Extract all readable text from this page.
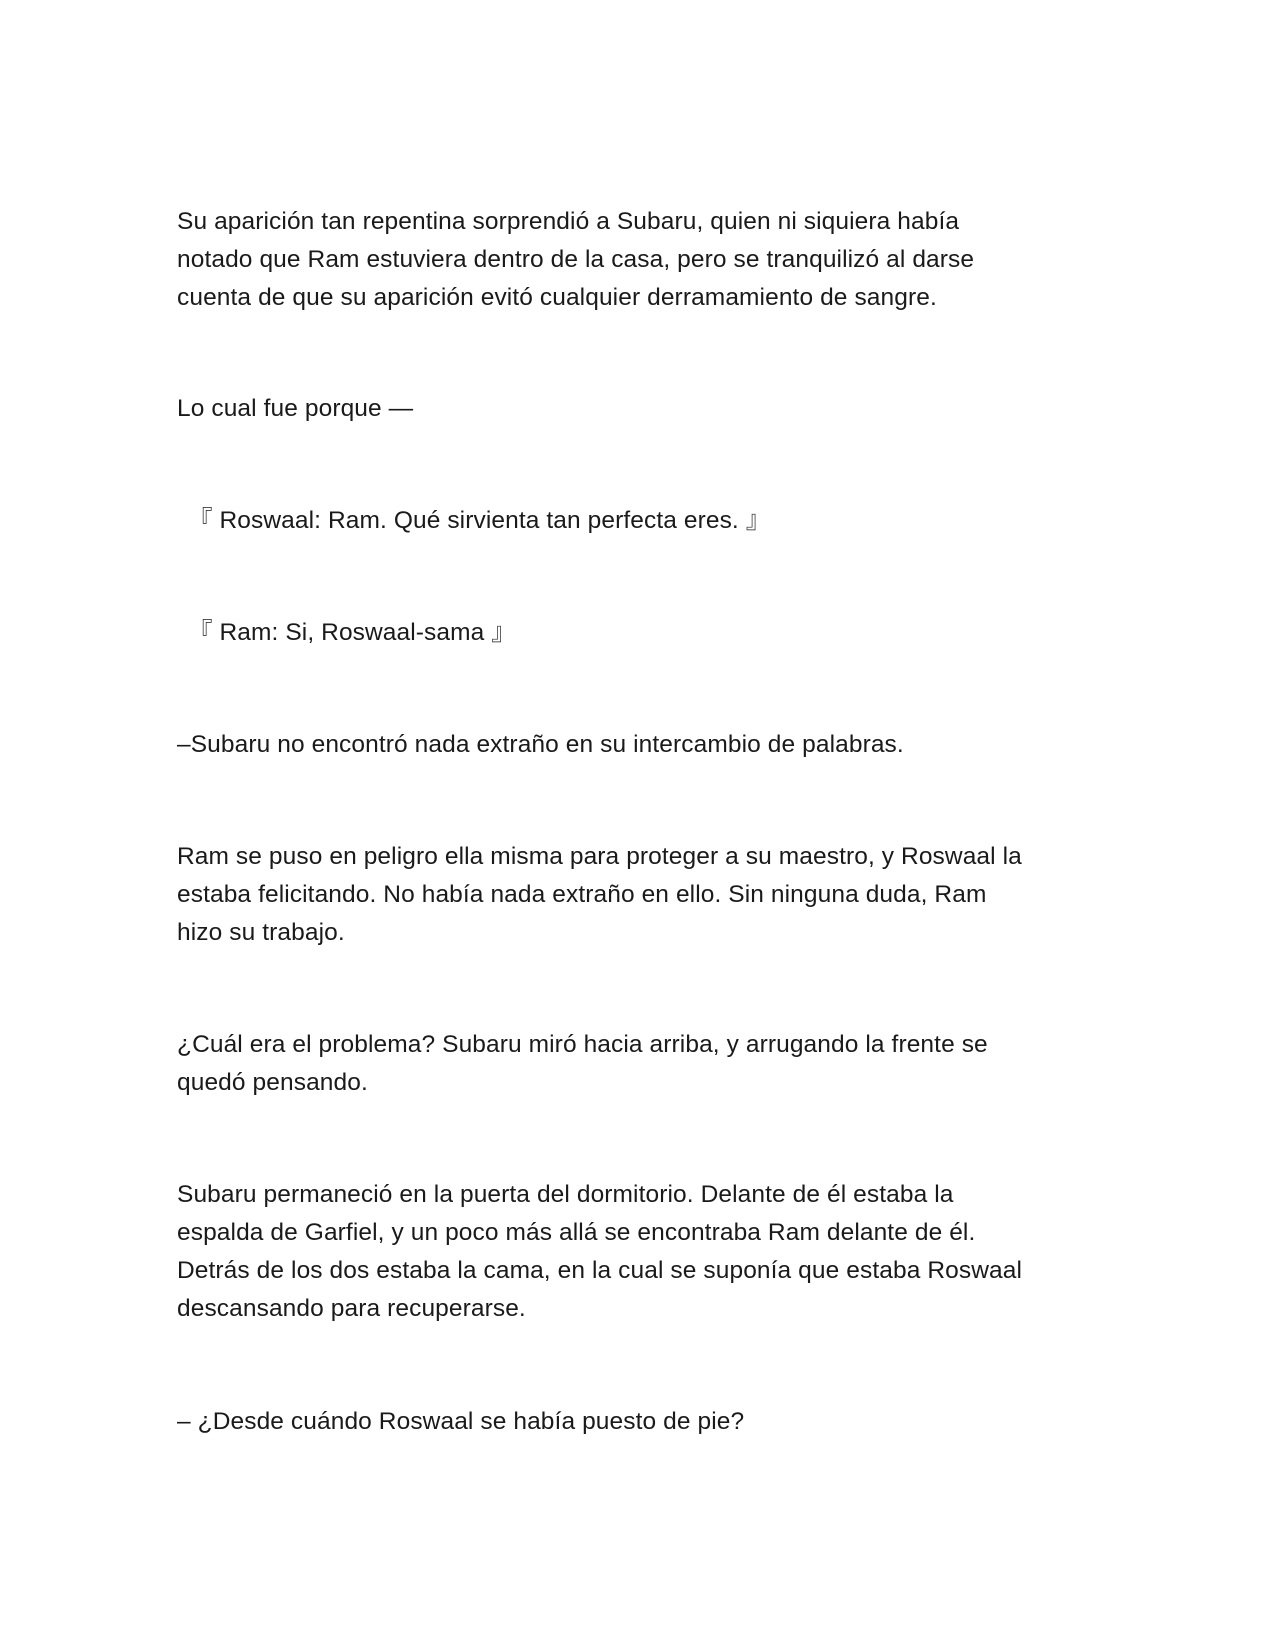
Su aparición tan repentina sorprendió a Subaru, quien ni siquiera había
notado que Ram estuviera dentro de la casa, pero se tranquilizó al darse
cuenta de que su aparición evitó cualquier derramamiento de sangre.

Lo cual fue porque —

『 Roswaal: Ram. Qué sirvienta tan perfecta eres. 』

『 Ram: Si, Roswaal-sama 』

–Subaru no encontró nada extraño en su intercambio de palabras.

Ram se puso en peligro ella misma para proteger a su maestro, y Roswaal la
estaba felicitando. No había nada extraño en ello. Sin ninguna duda, Ram
hizo su trabajo.

¿Cuál era el problema? Subaru miró hacia arriba, y arrugando la frente se
quedó pensando.

Subaru permaneció en la puerta del dormitorio. Delante de él estaba la
espalda de Garfiel, y un poco más allá se encontraba Ram delante de él.
Detrás de los dos estaba la cama, en la cual se suponía que estaba Roswaal
descansando para recuperarse.

– ¿Desde cuándo Roswaal se había puesto de pie?
